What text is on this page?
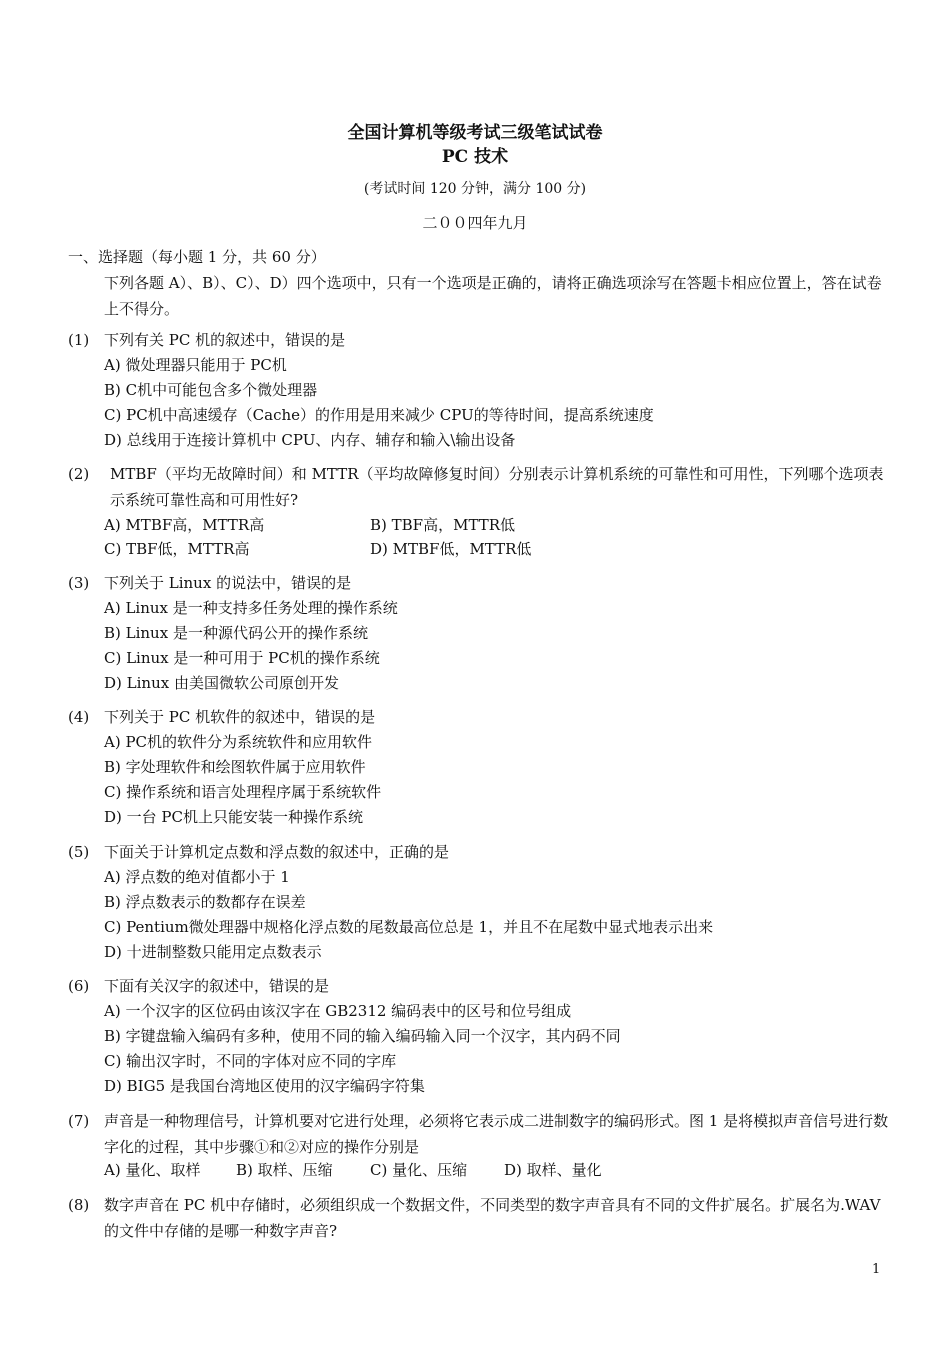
全国计算机等级考试三级笔试试卷
PC 技术
(考试时间 120 分钟，满分 100 分)
二００四年九月
一、选择题（每小题 1 分，共 60 分）
下列各题 A）、B）、C）、D）四个选项中，只有一个选项是正确的，请将正确选项涂写在答题卡相应位置上，答在试卷上不得分。
(1) 下列有关 PC 机的叙述中，错误的是
A) 微处理器只能用于 PC机
B) C机中可能包含多个微处理器
C) PC机中高速缓存（Cache）的作用是用来减少 CPU的等待时间，提高系统速度
D) 总线用于连接计算机中 CPU、内存、辅存和输入\输出设备
(2) MTBF（平均无故障时间）和 MTTR（平均故障修复时间）分别表示计算机系统的可靠性和可用性，下列哪个选项表示系统可靠性高和可用性好?
A) MTBF高，MTTR高	B) TBF高，MTTR低
C) TBF低，MTTR高	D) MTBF低，MTTR低
(3) 下列关于 Linux 的说法中，错误的是
A) Linux 是一种支持多任务处理的操作系统
B) Linux 是一种源代码公开的操作系统
C) Linux 是一种可用于 PC机的操作系统
D) Linux 由美国微软公司原创开发
(4) 下列关于 PC 机软件的叙述中，错误的是
A) PC机的软件分为系统软件和应用软件
B) 字处理软件和绘图软件属于应用软件
C) 操作系统和语言处理程序属于系统软件
D) 一台 PC机上只能安装一种操作系统
(5) 下面关于计算机定点数和浮点数的叙述中，正确的是
A) 浮点数的绝对值都小于 1
B) 浮点数表示的数都存在误差
C) Pentium微处理器中规格化浮点数的尾数最高位总是 1，并且不在尾数中显式地表示出来
D) 十进制整数只能用定点数表示
(6) 下面有关汉字的叙述中，错误的是
A) 一个汉字的区位码由该汉字在 GB2312 编码表中的区号和位号组成
B) 字键盘输入编码有多种，使用不同的输入编码输入同一个汉字，其内码不同
C) 输出汉字时，不同的字体对应不同的字库
D) BIG5 是我国台湾地区使用的汉字编码字符集
(7) 声音是一种物理信号，计算机要对它进行处理，必须将它表示成二进制数字的编码形式。图 1 是将模拟声音信号进行数字化的过程，其中步骤①和②对应的操作分别是
A) 量化、取样 B) 取样、压缩 C) 量化、压缩 D) 取样、量化
(8) 数字声音在 PC 机中存储时，必须组织成一个数据文件，不同类型的数字声音具有不同的文件扩展名。扩展名为.WAV 的文件中存储的是哪一种数字声音?
1
